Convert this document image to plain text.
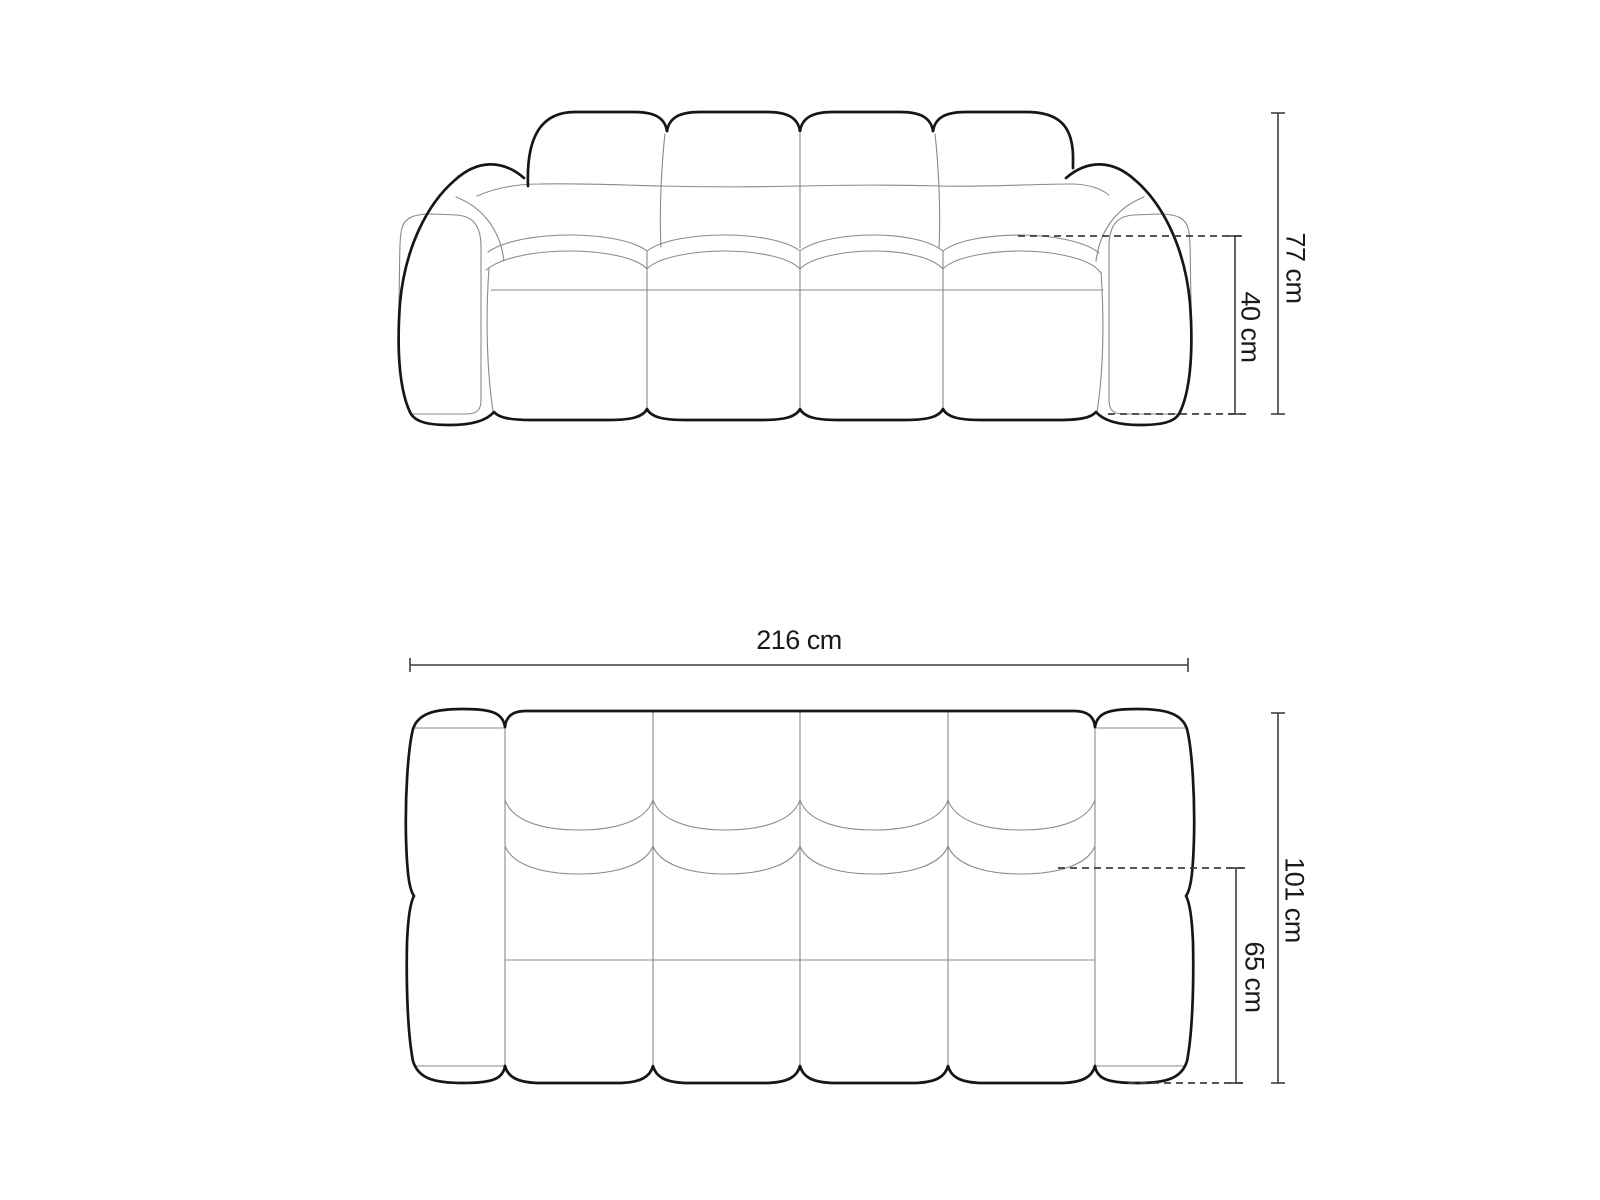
40 cm
77 cm
216 cm
65 cm
101 cm
